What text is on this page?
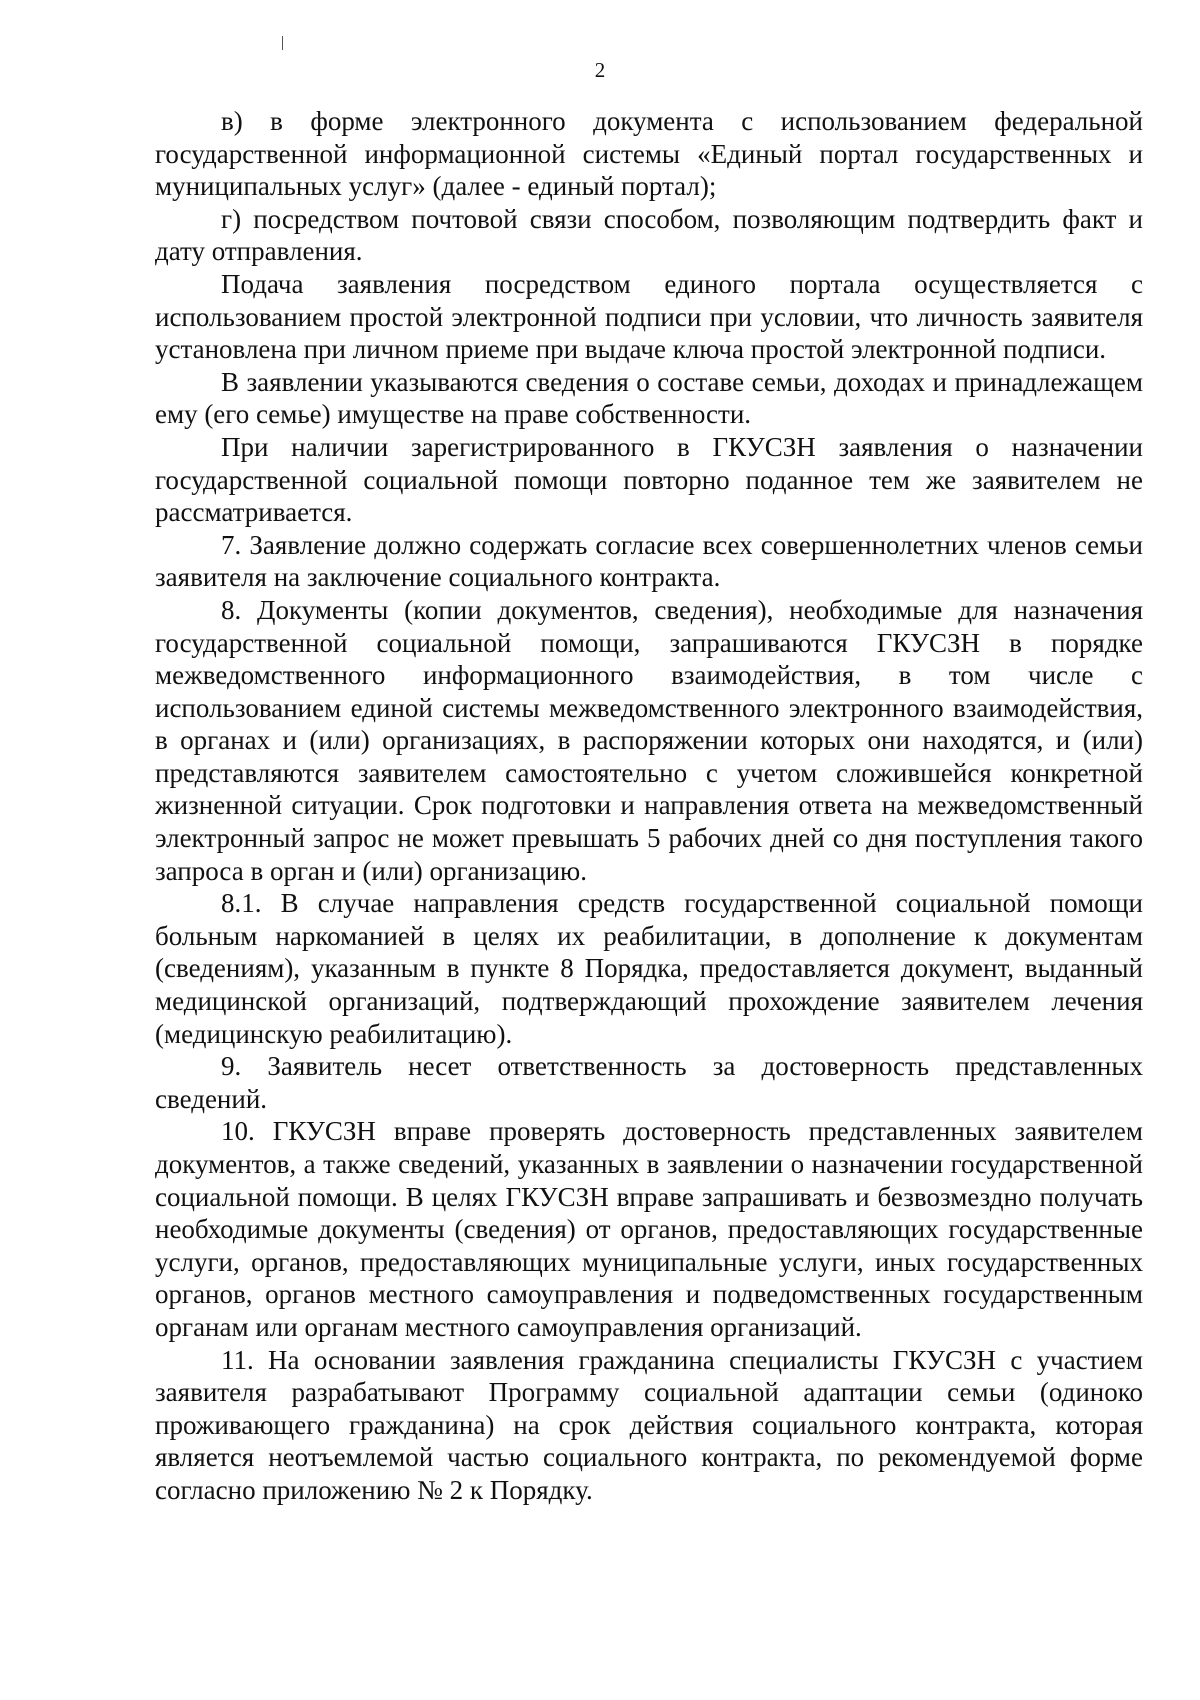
2

в) в форме электронного документа с использованием федеральной государственной информационной системы «Единый портал государственных и муниципальных услуг» (далее - единый портал);

г) посредством почтовой связи способом, позволяющим подтвердить факт и дату отправления.

Подача заявления посредством единого портала осуществляется с использованием простой электронной подписи при условии, что личность заявителя установлена при личном приеме при выдаче ключа простой электронной подписи.

В заявлении указываются сведения о составе семьи, доходах и принадлежащем ему (его семье) имуществе на праве собственности.

При наличии зарегистрированного в ГКУСЗН заявления о назначении государственной социальной помощи повторно поданное тем же заявителем не рассматривается.

7. Заявление должно содержать согласие всех совершеннолетних членов семьи заявителя на заключение социального контракта.

8. Документы (копии документов, сведения), необходимые для назначения государственной социальной помощи, запрашиваются ГКУСЗН в порядке межведомственного информационного взаимодействия, в том числе с использованием единой системы межведомственного электронного взаимодействия, в органах и (или) организациях, в распоряжении которых они находятся, и (или) представляются заявителем самостоятельно с учетом сложившейся конкретной жизненной ситуации. Срок подготовки и направления ответа на межведомственный электронный запрос не может превышать 5 рабочих дней со дня поступления такого запроса в орган и (или) организацию.

8.1. В случае направления средств государственной социальной помощи больным наркоманией в целях их реабилитации, в дополнение к документам (сведениям), указанным в пункте 8 Порядка, предоставляется документ, выданный медицинской организаций, подтверждающий прохождение заявителем лечения (медицинскую реабилитацию).

9. Заявитель несет ответственность за достоверность представленных сведений.

10. ГКУСЗН вправе проверять достоверность представленных заявителем документов, а также сведений, указанных в заявлении о назначении государственной социальной помощи. В целях ГКУСЗН вправе запрашивать и безвозмездно получать необходимые документы (сведения) от органов, предоставляющих государственные услуги, органов, предоставляющих муниципальные услуги, иных государственных органов, органов местного самоуправления и подведомственных государственным органам или органам местного самоуправления организаций.

11. На основании заявления гражданина специалисты ГКУСЗН с участием заявителя разрабатывают Программу социальной адаптации семьи (одиноко проживающего гражданина) на срок действия социального контракта, которая является неотъемлемой частью социального контракта, по рекомендуемой форме согласно приложению № 2 к Порядку.
